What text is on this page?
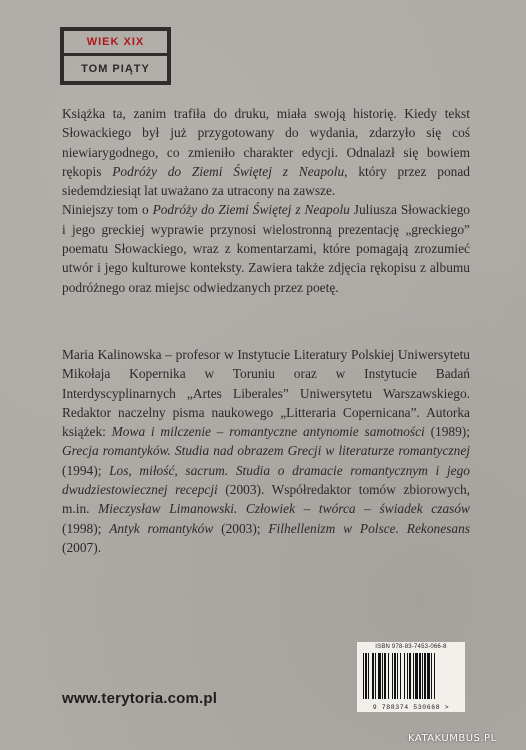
WIEK XIX
TOM PIĄTY

Książka ta, zanim trafiła do druku, miała swoją historię. Kiedy tekst Słowackiego był już przygotowany do wydania, zdarzyło się coś niewiarygodnego, co zmieniło charakter edycji. Odnalazł się bowiem rękopis Podróży do Ziemi Świętej z Neapolu, który przez ponad siedemdziesiąt lat uważano za utracony na zawsze.

Niniejszy tom o Podróży do Ziemi Świętej z Neapolu Juliusza Słowackiego i jego greckiej wyprawie przynosi wielostronną prezentację „greckiego” poematu Słowackiego, wraz z komentarzami, które pomagają zrozumieć utwór i jego kulturowe konteksty. Zawiera także zdjęcia rękopisu z albumu podróżnego oraz miejsc odwiedzanych przez poetę.

Maria Kalinowska – profesor w Instytucie Literatury Polskiej Uniwersytetu Mikołaja Kopernika w Toruniu oraz w Instytucie Badań Interdyscyplinarnych „Artes Liberales” Uniwersytetu Warszawskiego. Redaktor naczelny pisma naukowego „Litteraria Copernicana”. Autorka książek: Mowa i milczenie – romantyczne antynomie samotności (1989); Grecja romantyków. Studia nad obrazem Grecji w literaturze romantycznej (1994); Los, miłość, sacrum. Studia o dramacie romantycznym i jego dwudziestowiecznej recepcji (2003). Współredaktor tomów zbiorowych, m.in. Mieczysław Limanowski. Człowiek – twórca – świadek czasów (1998); Antyk romantyków (2003); Filhellenizm w Polsce. Rekonesans (2007).

ISBN 978-83-7453-066-8
9 788374 530668 >
www.terytoria.com.pl
KATAKUMBUS.PL
